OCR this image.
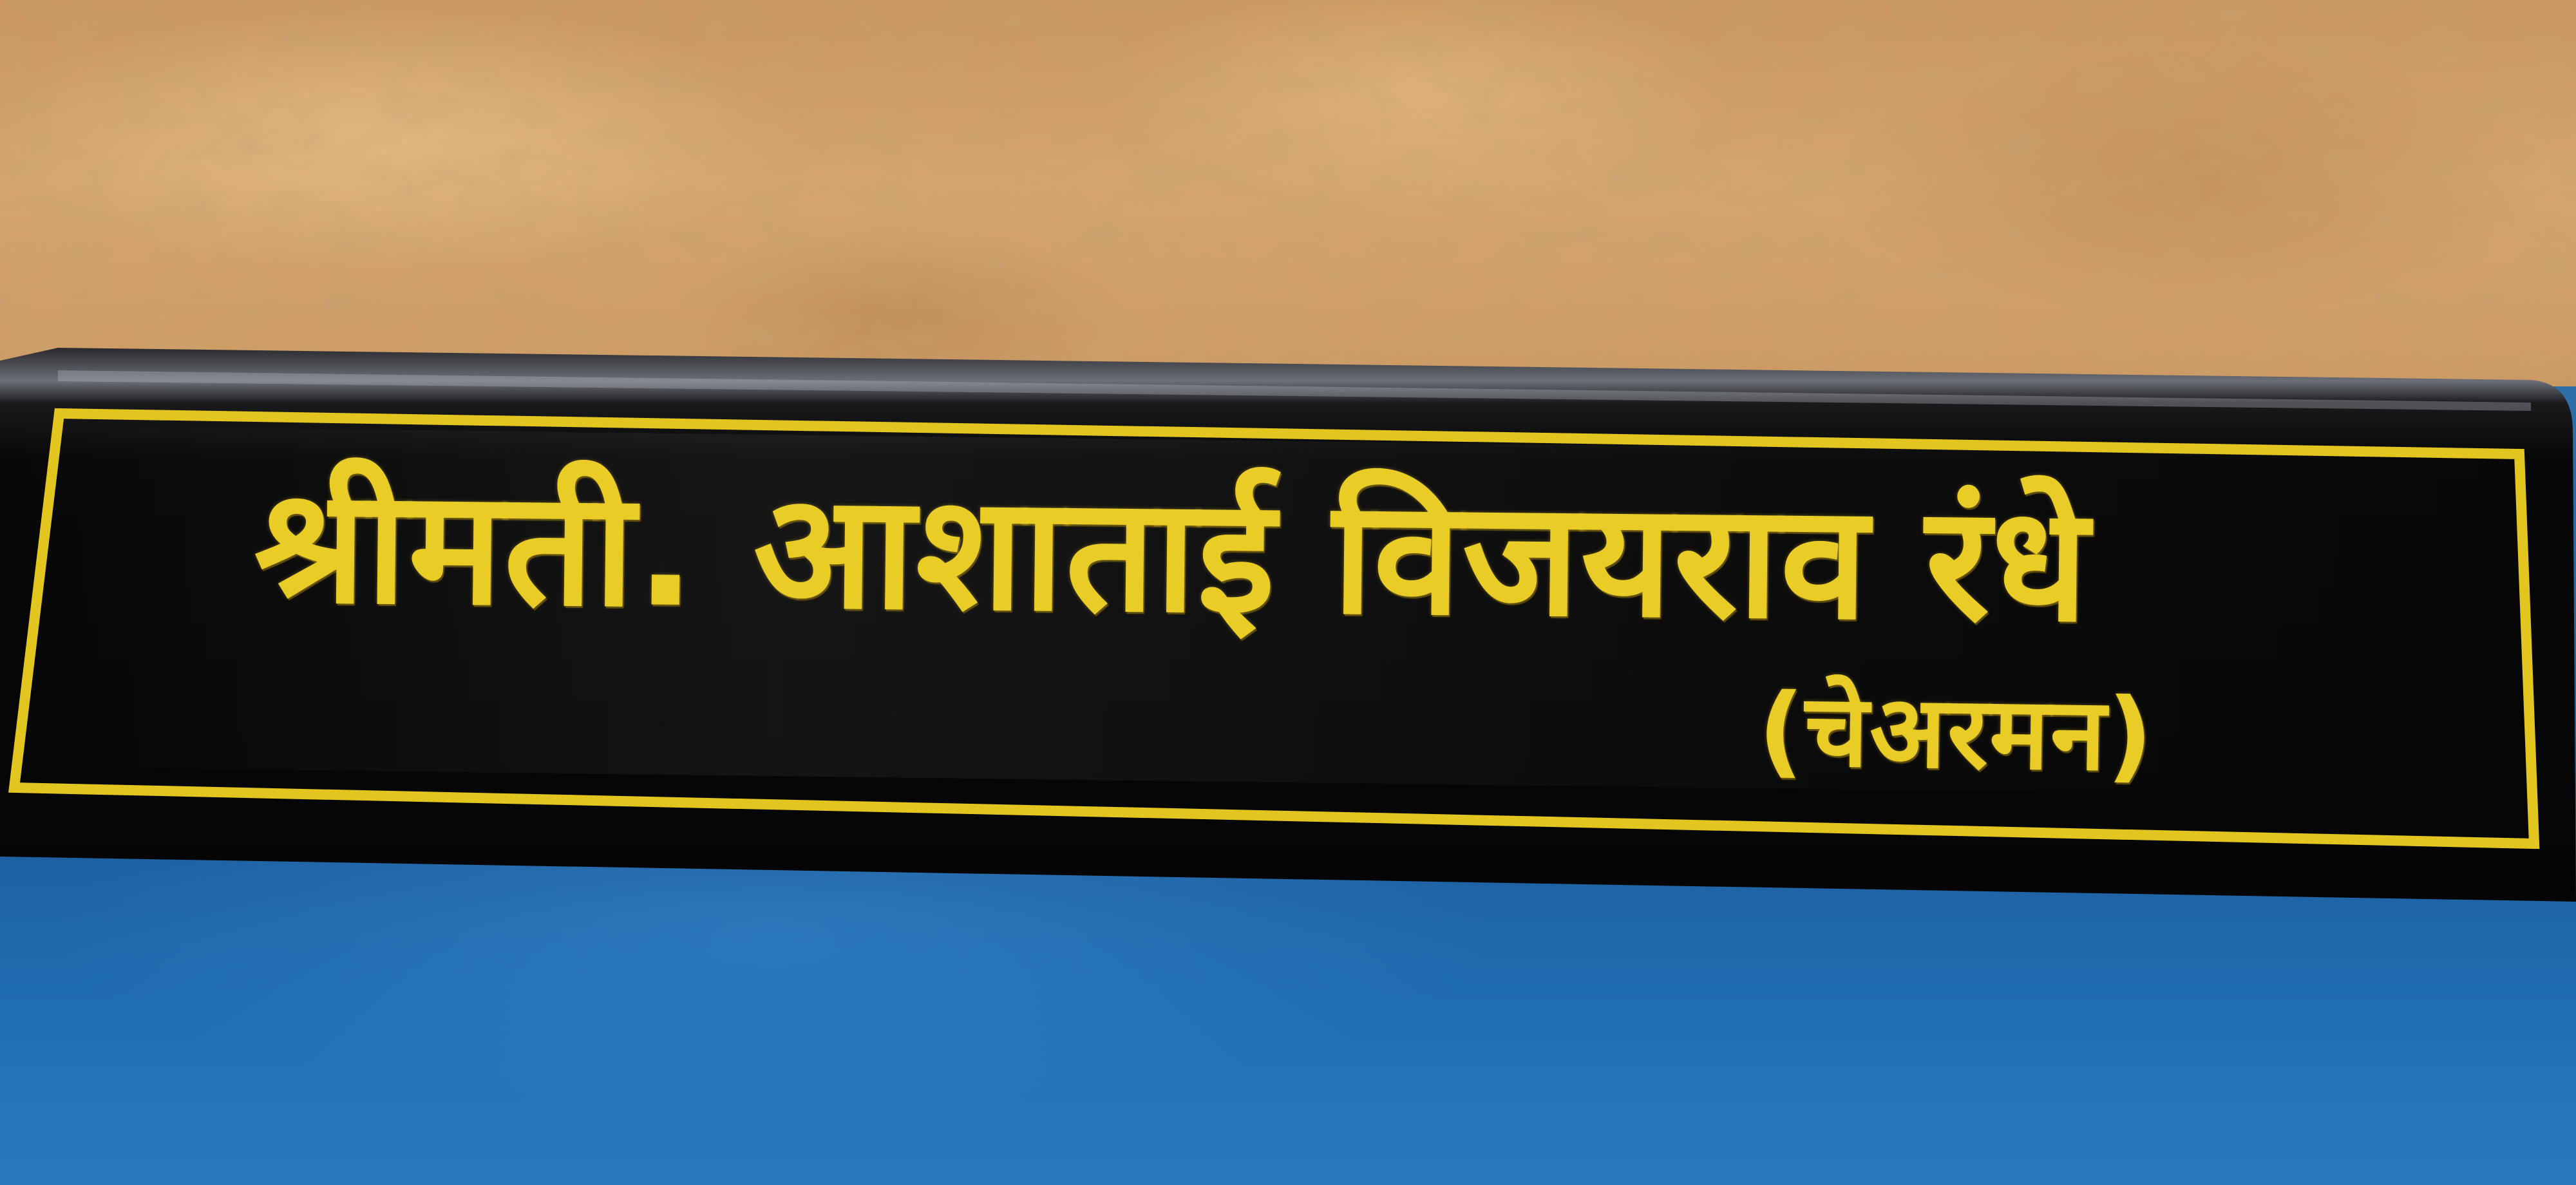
श्रीमती. आशाताई विजयराव रंधे
(चेअरमन)
